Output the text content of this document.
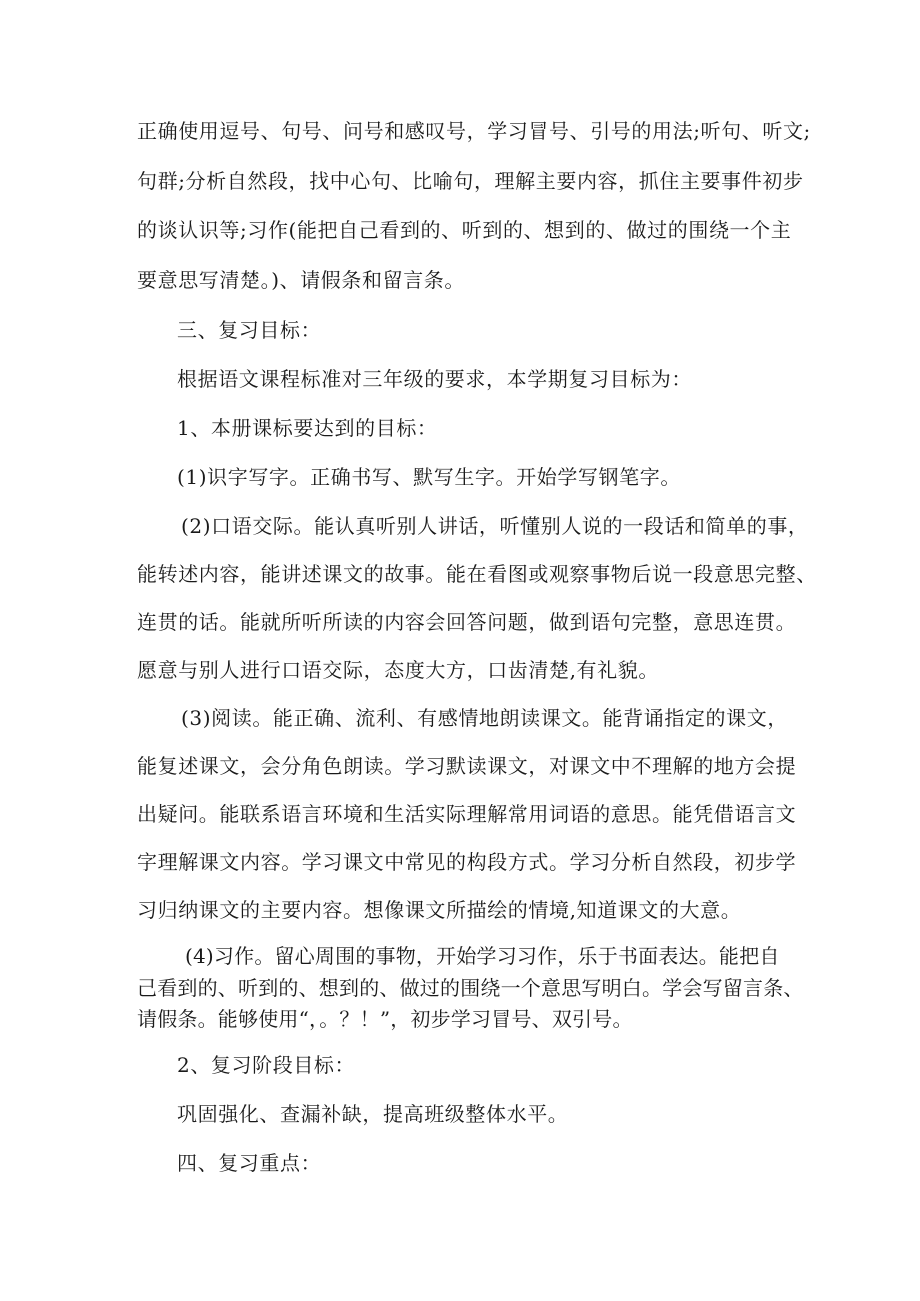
正确使用逗号、句号、问号和感叹号，学习冒号、引号的用法;听句、听文;
句群;分析自然段，找中心句、比喻句，理解主要内容，抓住主要事件初步
的谈认识等;习作(能把自己看到的、听到的、想到的、做过的围绕一个主
要意思写清楚。)、请假条和留言条。
三、复习目标：
根据语文课程标准对三年级的要求，本学期复习目标为：
1、本册课标要达到的目标：
(1)识字写字。正确书写、默写生字。开始学写钢笔字。
(2)口语交际。能认真听别人讲话，听懂别人说的一段话和简单的事，
能转述内容，能讲述课文的故事。能在看图或观察事物后说一段意思完整、
连贯的话。能就所听所读的内容会回答问题，做到语句完整，意思连贯。
愿意与别人进行口语交际，态度大方，口齿清楚,有礼貌。
(3)阅读。能正确、流利、有感情地朗读课文。能背诵指定的课文，
能复述课文，会分角色朗读。学习默读课文，对课文中不理解的地方会提
出疑问。能联系语言环境和生活实际理解常用词语的意思。能凭借语言文
字理解课文内容。学习课文中常见的构段方式。学习分析自然段，初步学
习归纳课文的主要内容。想像课文所描绘的情境,知道课文的大意。
(4)习作。留心周围的事物，开始学习习作，乐于书面表达。能把自
己看到的、听到的、想到的、做过的围绕一个意思写明白。学会写留言条、
请假条。能够使用“，。？！”，初步学习冒号、双引号。
2、复习阶段目标：
巩固强化、查漏补缺，提高班级整体水平。
四、复习重点：
